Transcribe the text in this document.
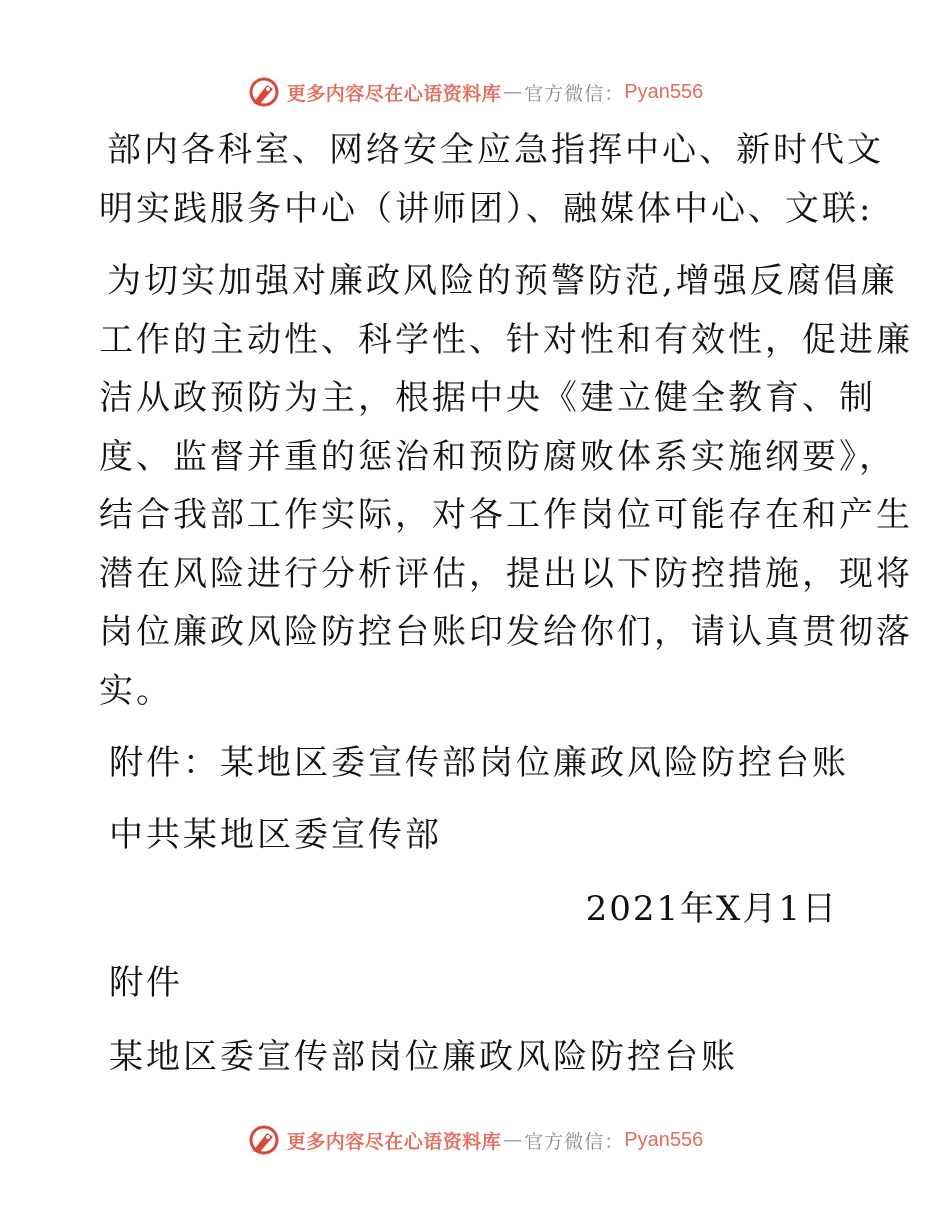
更多内容尽在心语资料库 — 官方微信： Pyan556
部内各科室、网络安全应急指挥中心、新时代文
明实践服务中心（讲师团）、融媒体中心、文联:
为切实加强对廉政风险的预警防范,增强反腐倡廉
工作的主动性、科学性、针对性和有效性，促进廉
洁从政预防为主，根据中央《建立健全教育、制
度、监督并重的惩治和预防腐败体系实施纲要》，
结合我部工作实际，对各工作岗位可能存在和产生
潜在风险进行分析评估，提出以下防控措施，现将
岗位廉政风险防控台账印发给你们，请认真贯彻落
实。
附件：某地区委宣传部岗位廉政风险防控台账
中共某地区委宣传部
2021年X月1日
附件
某地区委宣传部岗位廉政风险防控台账
更多内容尽在心语资料库 — 官方微信： Pyan556
